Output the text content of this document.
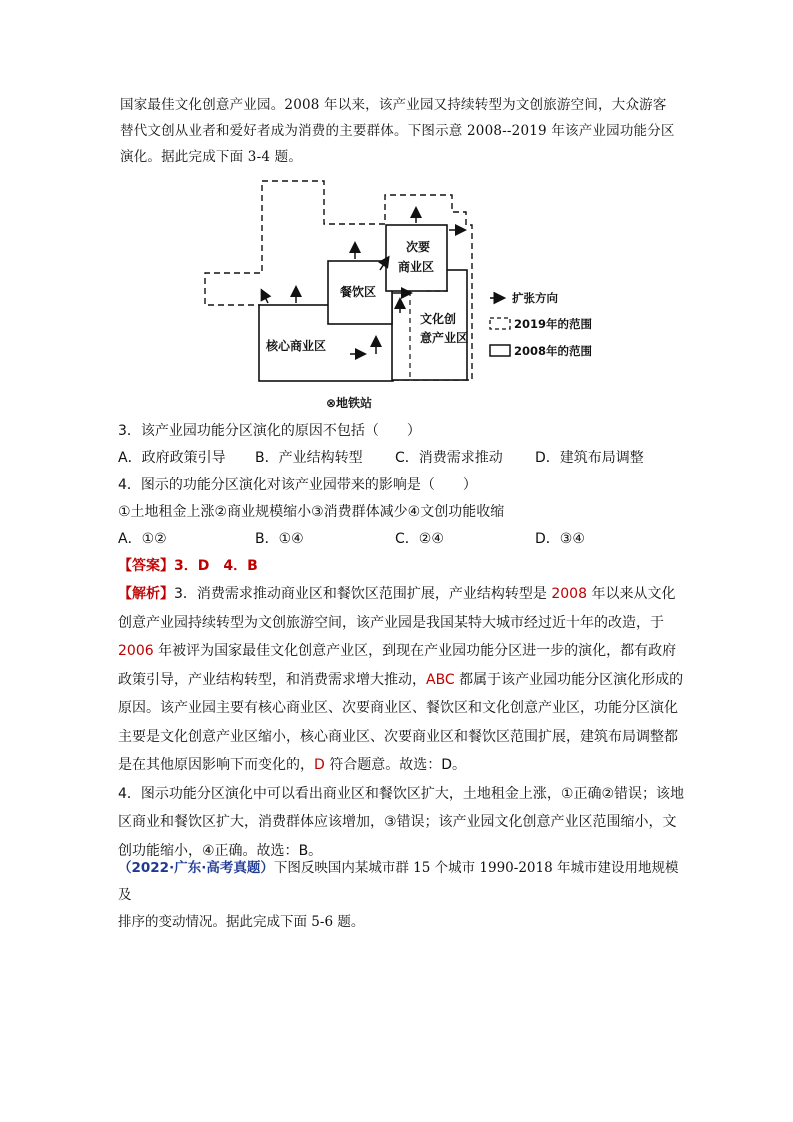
国家最佳文化创意产业园。2008 年以来，该产业园又持续转型为文创旅游空间，大众游客

替代文创从业者和爱好者成为消费的主要群体。下图示意 2008--2019 年该产业园功能分区

演化。据此完成下面 3-4 题。

核心商业区
餐饮区
次要
商业区
文化创
意产业区
⊗地铁站
扩张方向
2019年的范围
2008年的范围
3．该产业园功能分区演化的原因不包括（　　）
A．政府政策引导	B．产业结构转型	C．消费需求推动	D．建筑布局调整
4．图示的功能分区演化对该产业园带来的影响是（　　）
①土地租金上涨②商业规模缩小③消费群体减少④文创功能收缩
A．①②	B．①④	C．②④	D．③④
【答案】3．D　4．B

【解析】3．消费需求推动商业区和餐饮区范围扩展，产业结构转型是 2008 年以来从文化创意产业园持续转型为文创旅游空间，该产业园是我国某特大城市经过近十年的改造，于 2006 年被评为国家最佳文化创意产业区，到现在产业园功能分区进一步的演化，都有政府政策引导，产业结构转型，和消费需求增大推动，ABC 都属于该产业园功能分区演化形成的原因。该产业园主要有核心商业区、次要商业区、餐饮区和文化创意产业区，功能分区演化主要是文化创意产业区缩小，核心商业区、次要商业区和餐饮区范围扩展，建筑布局调整都是在其他原因影响下而变化的，D 符合题意。故选：D。

4．图示功能分区演化中可以看出商业区和餐饮区扩大，土地租金上涨，①正确②错误；该地区商业和餐饮区扩大，消费群体应该增加，③错误；该产业园文化创意产业区范围缩小，文创功能缩小，④正确。故选：B。

（2022·广东·高考真题）下图反映国内某城市群 15 个城市 1990-2018 年城市建设用地规模及

排序的变动情况。据此完成下面 5-6 题。
